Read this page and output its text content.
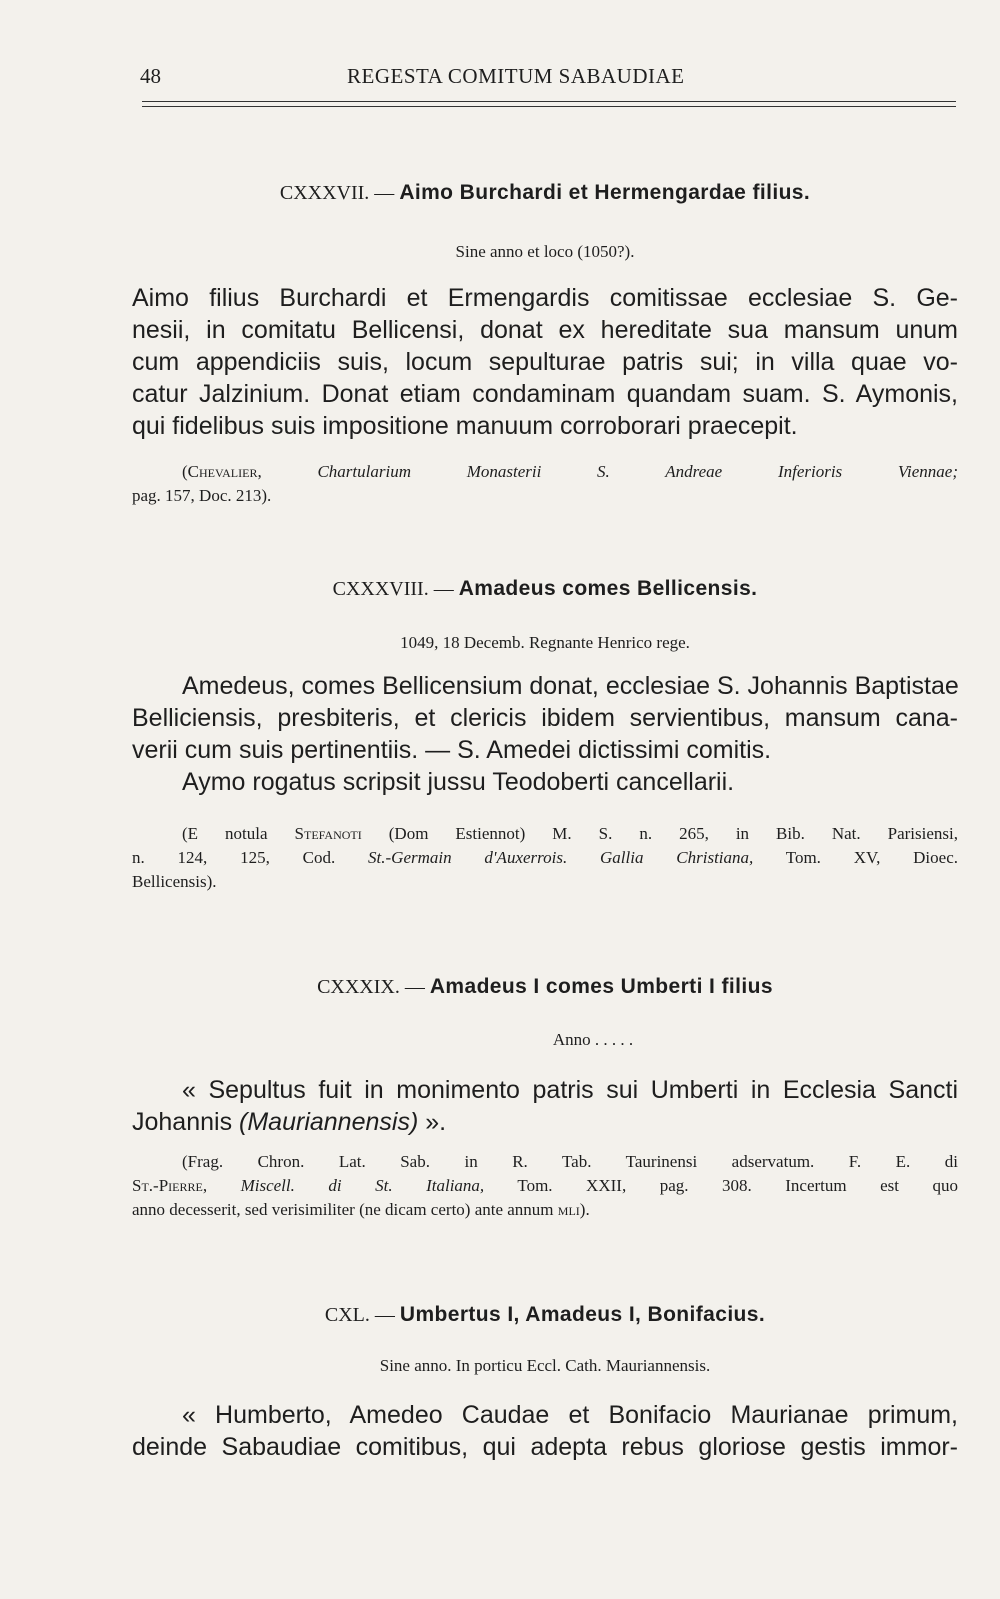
48	REGESTA COMITUM SABAUDIAE
CXXXVII. — Aimo Burchardi et Hermengardae filius.
Sine anno et loco (1050?).
Aimo filius Burchardi et Ermengardis comitissae ecclesiae S. Ge-
nesii, in comitatu Bellicensi, donat ex hereditate sua mansum unum
cum appendiciis suis, locum sepulturae patris sui; in villa quae vo-
catur Jalzinium. Donat etiam condaminam quandam suam. S. Aymonis,
qui fidelibus suis impositione manuum corroborari praecepit.
(Chevalier, Chartularium Monasterii S. Andreae Inferioris Viennae;
pag. 157, Doc. 213).
CXXXVIII. — Amadeus comes Bellicensis.
1049, 18 Decemb. Regnante Henrico rege.
Amedeus, comes Bellicensium donat, ecclesiae S. Johannis Baptistae
Belliciensis, presbiteris, et clericis ibidem servientibus, mansum cana-
verii cum suis pertinentiis. — S. Amedei dictissimi comitis.
Aymo rogatus scripsit jussu Teodoberti cancellarii.
(E notula Stefanoti (Dom Estiennot) M. S. n. 265, in Bib. Nat. Parisiensi,
n. 124, 125, Cod. St.-Germain d'Auxerrois. Gallia Christiana, Tom. XV, Dioec.
Bellicensis).
CXXXIX. — Amadeus I comes Umberti I filius
Anno . . . . .
« Sepultus fuit in monimento patris sui Umberti in Ecclesia Sancti
Johannis (Mauriannensis) ».
(Frag. Chron. Lat. Sab. in R. Tab. Taurinensi adservatum. F. E. di
St.-Pierre, Miscell. di St. Italiana, Tom. XXII, pag. 308. Incertum est quo
anno decesserit, sed verisimiliter (ne dicam certo) ante annum mli).
CXL. — Umbertus I, Amadeus I, Bonifacius.
Sine anno. In porticu Eccl. Cath. Mauriannensis.
« Humberto, Amedeo Caudae et Bonifacio Maurianae primum,
deinde Sabaudiae comitibus, qui adepta rebus gloriose gestis immor-
